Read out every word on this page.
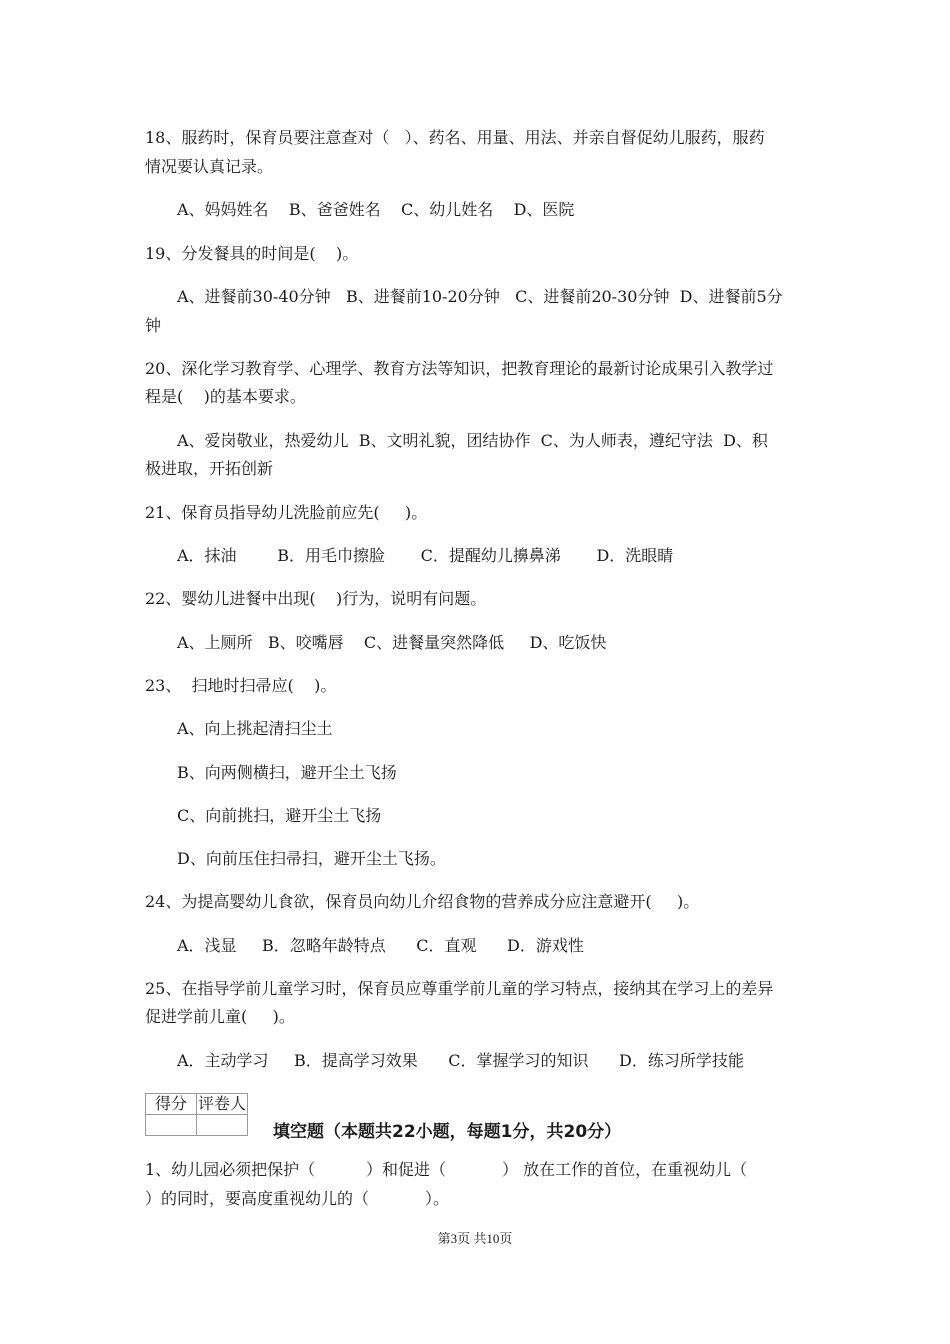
18、服药时，保育员要注意查对（   ）、药名、用量、用法、并亲自督促幼儿服药，服药
情况要认真记录。
A、妈妈姓名    B、爸爸姓名    C、幼儿姓名    D、医院
19、分发餐具的时间是(    )。
A、进餐前30-40分钟   B、进餐前10-20分钟   C、进餐前20-30分钟  D、进餐前5分
钟
20、深化学习教育学、心理学、教育方法等知识，把教育理论的最新讨论成果引入教学过
程是(    )的基本要求。
A、爱岗敬业，热爱幼儿  B、文明礼貌，团结协作  C、为人师表，遵纪守法  D、积
极进取，开拓创新
21、保育员指导幼儿洗脸前应先(     )。
A．抹油        B．用毛巾擦脸       C．提醒幼儿擤鼻涕       D．洗眼睛
22、婴幼儿进餐中出现(    )行为，说明有问题。
A、上厕所   B、咬嘴唇    C、进餐量突然降低     D、吃饭快
23、  扫地时扫帚应(    )。
A、向上挑起清扫尘土
B、向两侧横扫，避开尘土飞扬
C、向前挑扫，避开尘土飞扬
D、向前压住扫帚扫，避开尘土飞扬。
24、为提高婴幼儿食欲，保育员向幼儿介绍食物的营养成分应注意避开(     )。
A．浅显     B．忽略年龄特点      C．直观      D．游戏性
25、在指导学前儿童学习时，保育员应尊重学前儿童的学习特点，接纳其在学习上的差异
促进学前儿童(     )。
A．主动学习     B．提高学习效果      C．掌握学习的知识      D．练习所学技能
得分	评卷人

填空题（本题共22小题，每题1分，共20分）
1、幼儿园必须把保护（          ）和促进（           ） 放在工作的首位，在重视幼儿（
）的同时，要高度重视幼儿的（           ）。
第3页 共10页
